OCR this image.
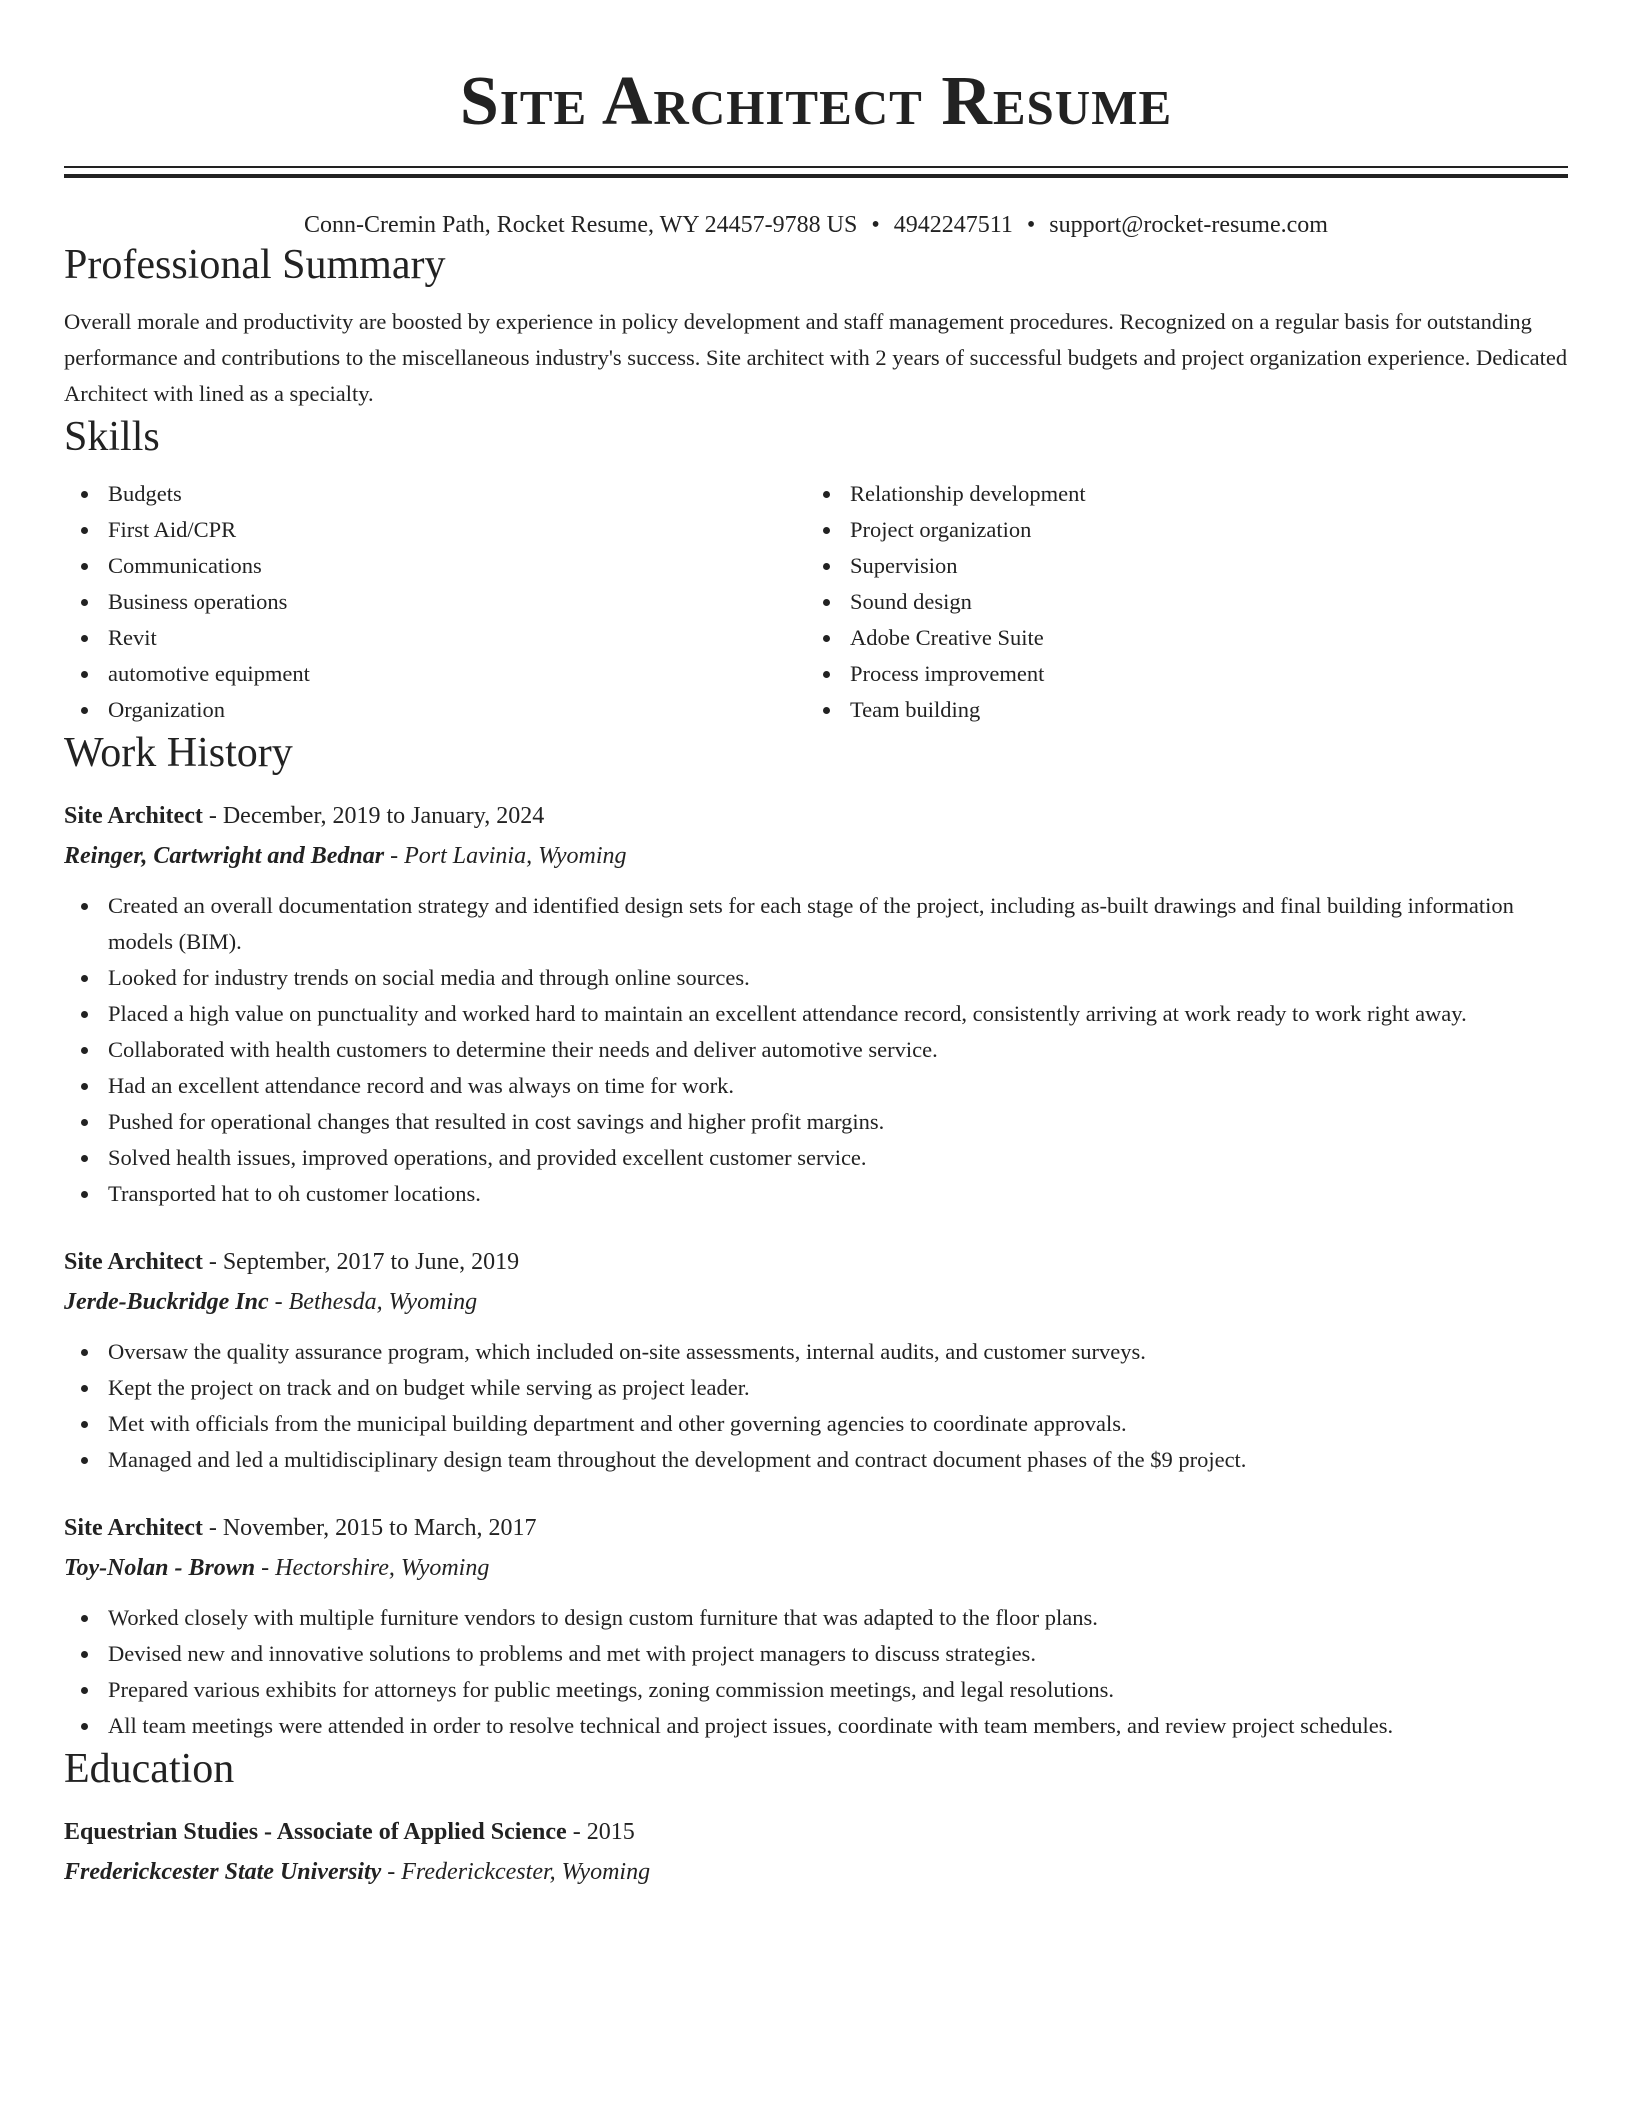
Site Architect Resume
Conn-Cremin Path, Rocket Resume, WY 24457-9788 US • 4942247511 • support@rocket-resume.com
Professional Summary
Overall morale and productivity are boosted by experience in policy development and staff management procedures. Recognized on a regular basis for outstanding performance and contributions to the miscellaneous industry's success. Site architect with 2 years of successful budgets and project organization experience. Dedicated Architect with lined as a specialty.
Skills
Budgets
First Aid/CPR
Communications
Business operations
Revit
automotive equipment
Organization
Relationship development
Project organization
Supervision
Sound design
Adobe Creative Suite
Process improvement
Team building
Work History
Site Architect - December, 2019 to January, 2024
Reinger, Cartwright and Bednar - Port Lavinia, Wyoming
Created an overall documentation strategy and identified design sets for each stage of the project, including as-built drawings and final building information models (BIM).
Looked for industry trends on social media and through online sources.
Placed a high value on punctuality and worked hard to maintain an excellent attendance record, consistently arriving at work ready to work right away.
Collaborated with health customers to determine their needs and deliver automotive service.
Had an excellent attendance record and was always on time for work.
Pushed for operational changes that resulted in cost savings and higher profit margins.
Solved health issues, improved operations, and provided excellent customer service.
Transported hat to oh customer locations.
Site Architect - September, 2017 to June, 2019
Jerde-Buckridge Inc - Bethesda, Wyoming
Oversaw the quality assurance program, which included on-site assessments, internal audits, and customer surveys.
Kept the project on track and on budget while serving as project leader.
Met with officials from the municipal building department and other governing agencies to coordinate approvals.
Managed and led a multidisciplinary design team throughout the development and contract document phases of the $9 project.
Site Architect - November, 2015 to March, 2017
Toy-Nolan - Brown - Hectorshire, Wyoming
Worked closely with multiple furniture vendors to design custom furniture that was adapted to the floor plans.
Devised new and innovative solutions to problems and met with project managers to discuss strategies.
Prepared various exhibits for attorneys for public meetings, zoning commission meetings, and legal resolutions.
All team meetings were attended in order to resolve technical and project issues, coordinate with team members, and review project schedules.
Education
Equestrian Studies - Associate of Applied Science - 2015
Frederickcester State University - Frederickcester, Wyoming
